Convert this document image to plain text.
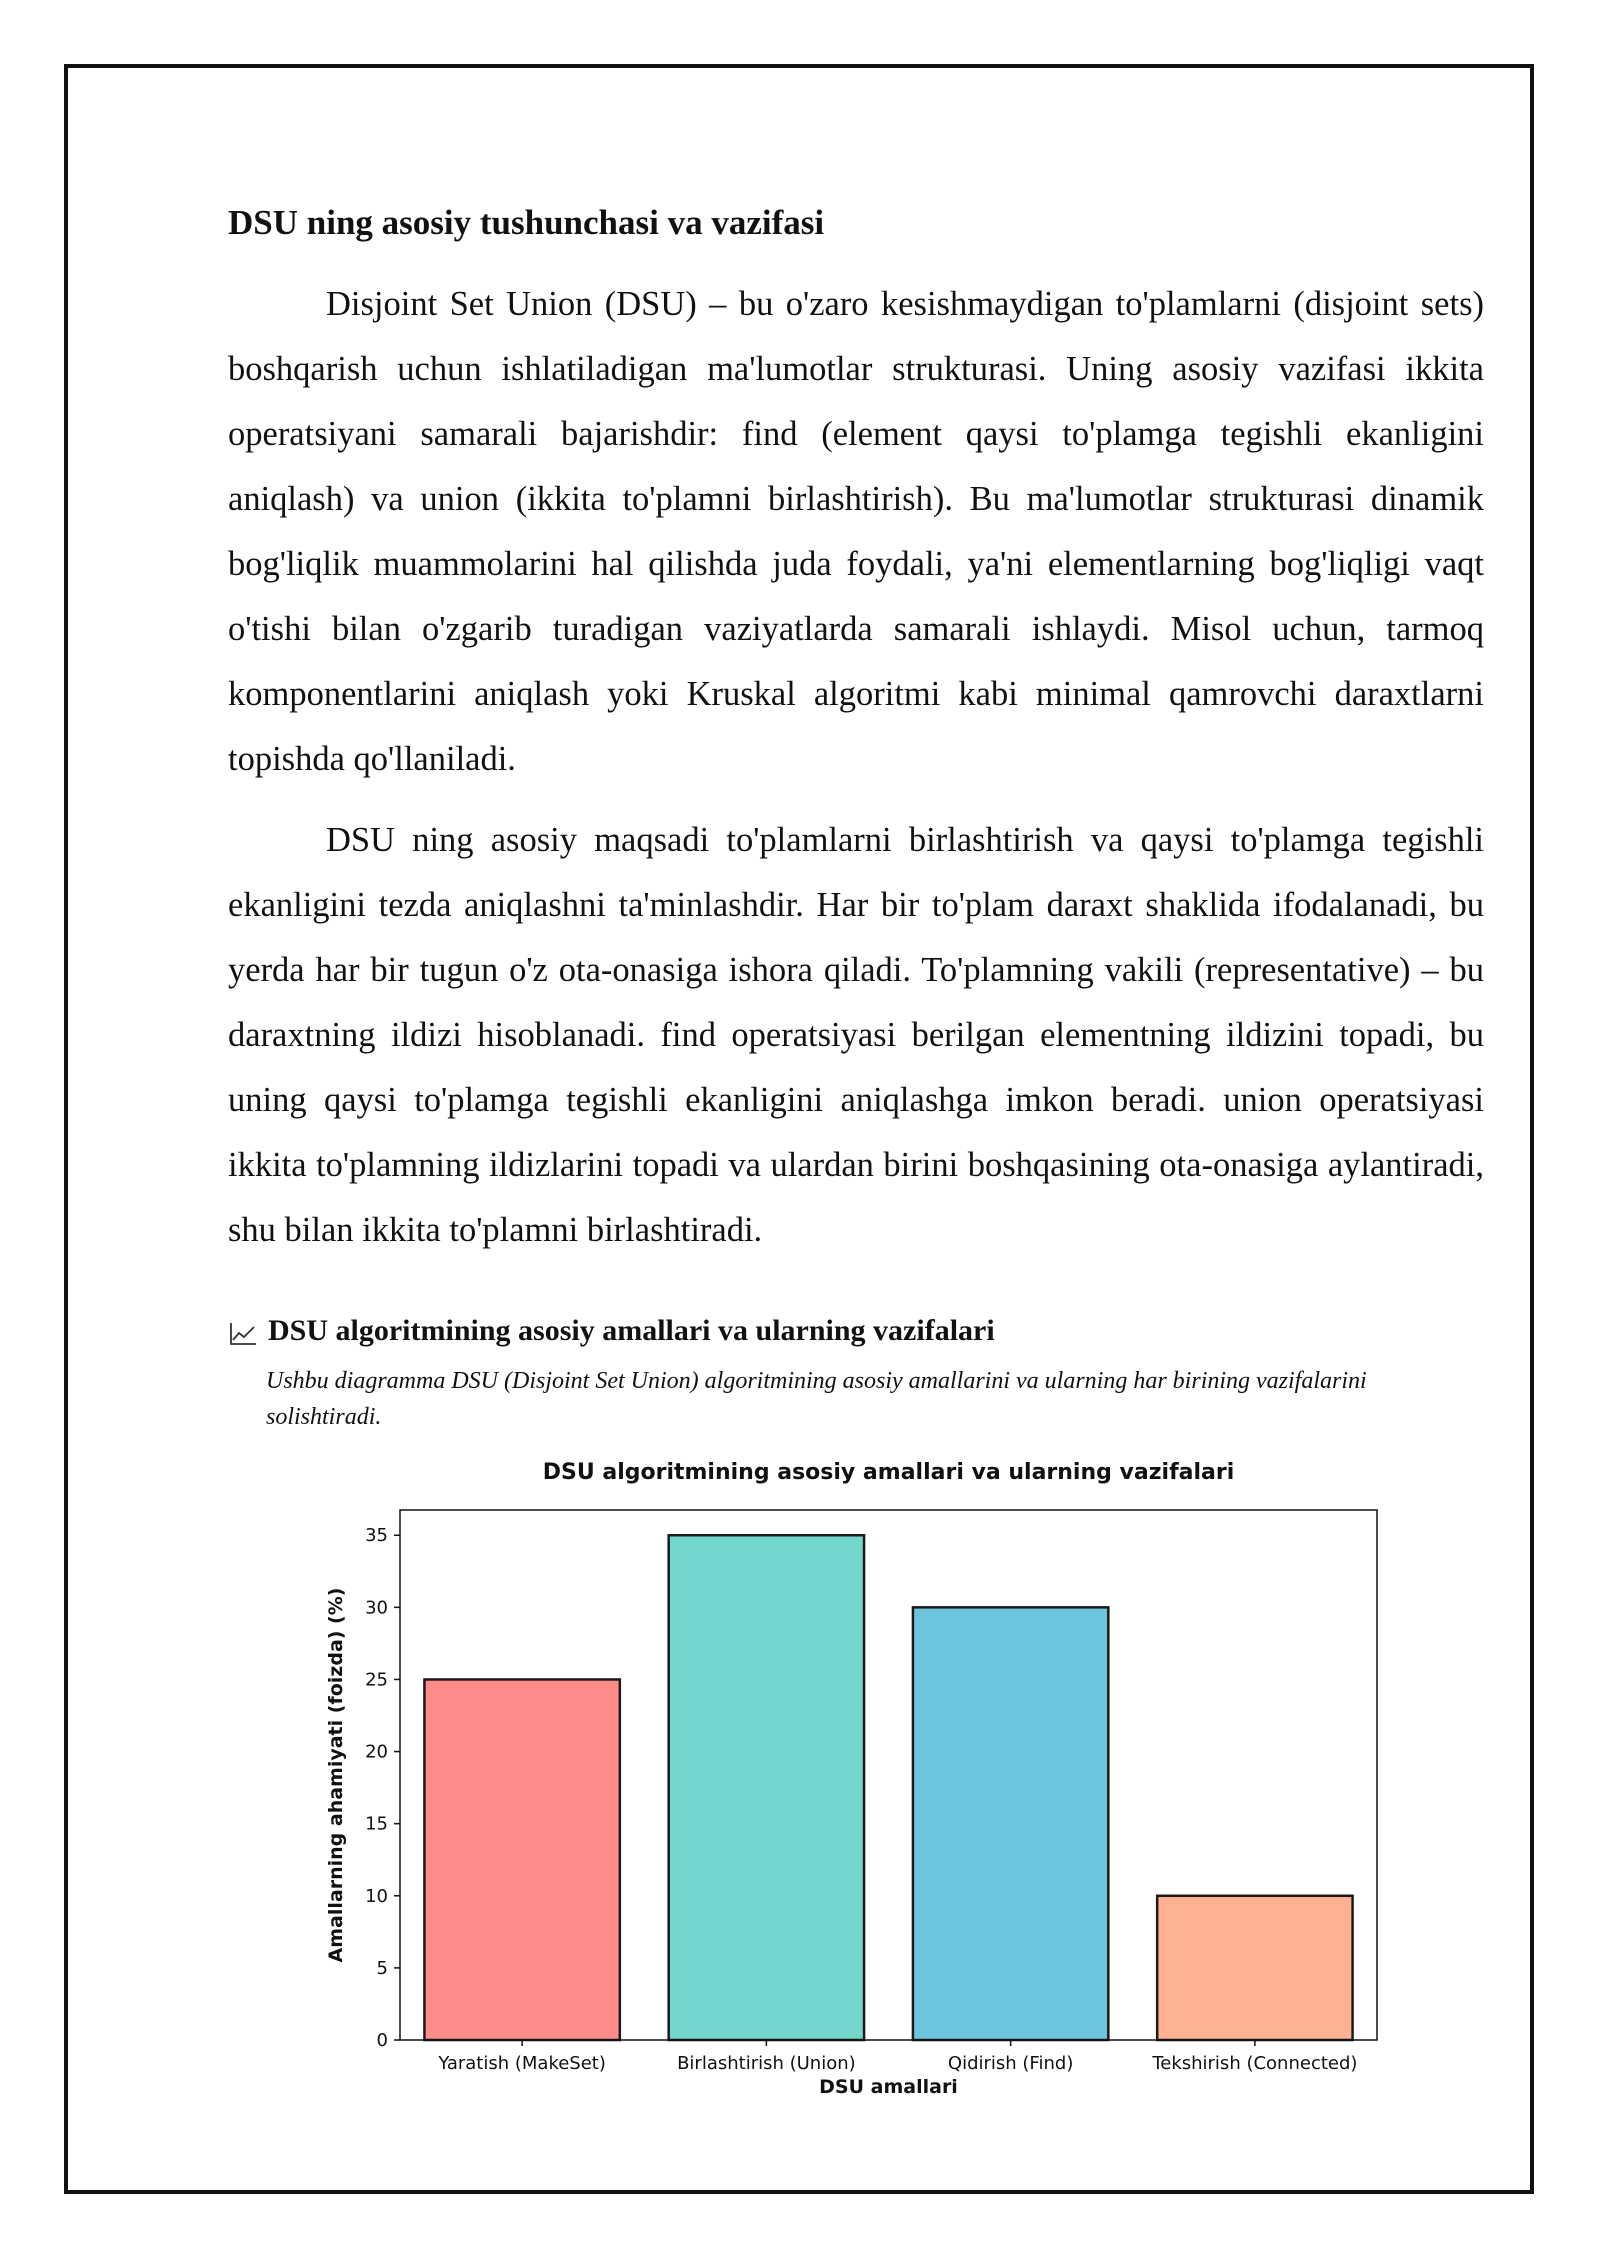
DSU ning asosiy tushunchasi va vazifasi

Disjoint Set Union (DSU) – bu o'zaro kesishmaydigan to'plamlarni (disjoint sets) boshqarish uchun ishlatiladigan ma'lumotlar strukturasi. Uning asosiy vazifasi ikkita operatsiyani samarali bajarishdir: find (element qaysi to'plamga tegishli ekanligini aniqlash) va union (ikkita to'plamni birlashtirish). Bu ma'lumotlar strukturasi dinamik bog'liqlik muammolarini hal qilishda juda foydali, ya'ni elementlarning bog'liqligi vaqt o'tishi bilan o'zgarib turadigan vaziyatlarda samarali ishlaydi. Misol uchun, tarmoq komponentlarini aniqlash yoki Kruskal algoritmi kabi minimal qamrovchi daraxtlarni topishda qo'llaniladi.

DSU ning asosiy maqsadi to'plamlarni birlashtirish va qaysi to'plamga tegishli ekanligini tezda aniqlashni ta'minlashdir. Har bir to'plam daraxt shaklida ifodalanadi, bu yerda har bir tugun o'z ota-onasiga ishora qiladi. To'plamning vakili (representative) – bu daraxtning ildizi hisoblanadi. find operatsiyasi berilgan elementning ildizini topadi, bu uning qaysi to'plamga tegishli ekanligini aniqlashga imkon beradi. union operatsiyasi ikkita to'plamning ildizlarini topadi va ulardan birini boshqasining ota-onasiga aylantiradi, shu bilan ikkita to'plamni birlashtiradi.

DSU algoritmining asosiy amallari va ularning vazifalari
Ushbu diagramma DSU (Disjoint Set Union) algoritmining asosiy amallarini va ularning har birining vazifalarini solishtiradi.
DSU algoritmining asosiy amallari va ularning vazifalari
Yaratish (MakeSet)	Birlashtirish (Union)	Qidirish (Find)	Tekshirish (Connected)
0
5
10
15
20
25
30
35
DSU amallari
Amallarning ahamiyati (foizda) (%)
